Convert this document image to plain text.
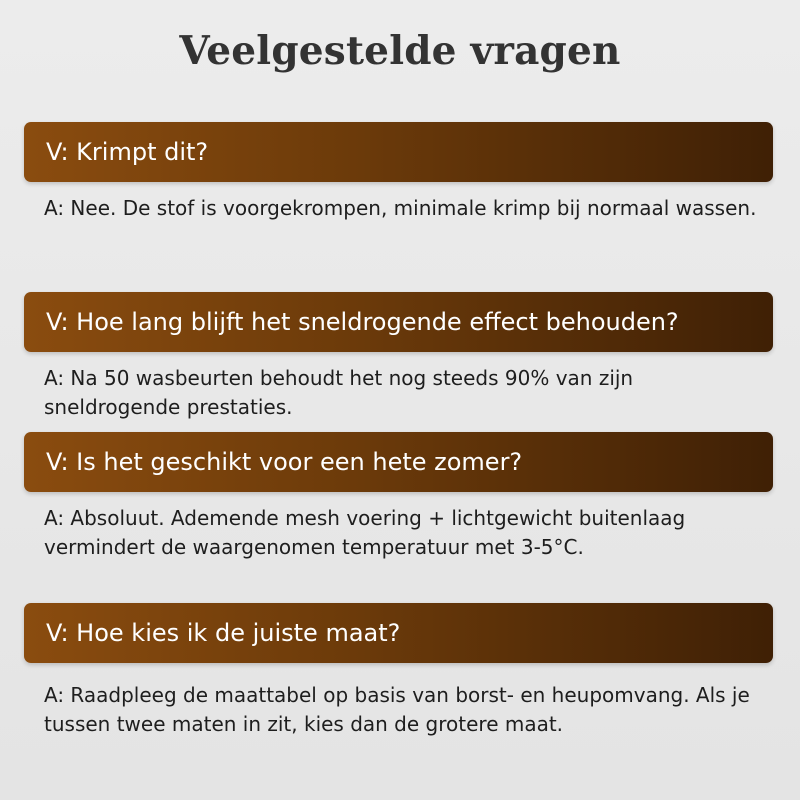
Veelgestelde vragen
V: Krimpt dit?
A: Nee. De stof is voorgekrompen, minimale krimp bij normaal wassen.
V: Hoe lang blijft het sneldrogende effect behouden?
A: Na 50 wasbeurten behoudt het nog steeds 90% van zijn sneldrogende prestaties.
V: Is het geschikt voor een hete zomer?
A: Absoluut. Ademende mesh voering + lichtgewicht buitenlaag vermindert de waargenomen temperatuur met 3-5°C.
V: Hoe kies ik de juiste maat?
A: Raadpleeg de maattabel op basis van borst- en heupomvang. Als je tussen twee maten in zit, kies dan de grotere maat.
